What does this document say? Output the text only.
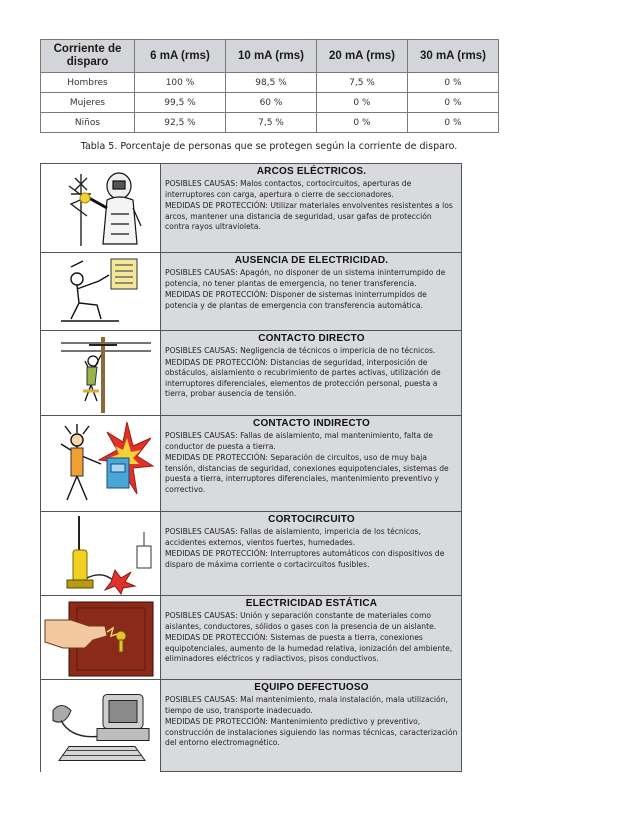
Corriente de disparo	6 mA (rms)	10 mA (rms)	20 mA (rms)	30 mA (rms)
Hombres	100 %	98,5 %	7,5 %	0 %
Mujeres	99,5 %	60 %	0 %	0 %
Niños	92,5 %	7,5 %	0 %	0 %
Tabla 5. Porcentaje de personas que se protegen según la corriente de disparo.
ARCOS ELÉCTRICOS.

POSIBLES CAUSAS: Malos contactos, cortocircuitos, aperturas de interruptores con carga, apertura o cierre de seccionadores.

MEDIDAS DE PROTECCIÓN: Utilizar materiales envolventes resistentes a los arcos, mantener una distancia de seguridad, usar gafas de protección contra rayos ultravioleta.

AUSENCIA DE ELECTRICIDAD.

POSIBLES CAUSAS: Apagón, no disponer de un sistema ininterrumpido de potencia, no tener plantas de emergencia, no tener transferencia.

MEDIDAS DE PROTECCIÓN: Disponer de sistemas ininterrumpidos de potencia y de plantas de emergencia con transferencia automática.

CONTACTO DIRECTO

POSIBLES CAUSAS: Negligencia de técnicos o impericia de no técnicos.

MEDIDAS DE PROTECCIÓN: Distancias de seguridad, interposición de obstáculos, aislamiento o recubrimiento de partes activas, utilización de interruptores diferenciales, elementos de protección personal, puesta a tierra, probar ausencia de tensión.

CONTACTO INDIRECTO

POSIBLES CAUSAS: Fallas de aislamiento, mal mantenimiento, falta de conductor de puesta a tierra.

MEDIDAS DE PROTECCIÓN: Separación de circuitos, uso de muy baja tensión, distancias de seguridad, conexiones equipotenciales, sistemas de puesta a tierra, interruptores diferenciales, mantenimiento preventivo y correctivo.

CORTOCIRCUITO

POSIBLES CAUSAS: Fallas de aislamiento, impericia de los técnicos, accidentes externos, vientos fuertes, humedades.

MEDIDAS DE PROTECCIÓN: Interruptores automáticos con dispositivos de disparo de máxima corriente o cortacircuitos fusibles.

ELECTRICIDAD ESTÁTICA

POSIBLES CAUSAS: Unión y separación constante de materiales como aislantes, conductores, sólidos o gases con la presencia de un aislante.

MEDIDAS DE PROTECCIÓN: Sistemas de puesta a tierra, conexiones equipotenciales, aumento de la humedad relativa, ionización del ambiente, eliminadores eléctricos y radiactivos, pisos conductivos.

EQUIPO DEFECTUOSO

POSIBLES CAUSAS: Mal mantenimiento, mala instalación, mala utilización, tiempo de uso, transporte inadecuado.

MEDIDAS DE PROTECCIÓN: Mantenimiento predictivo y preventivo, construcción de instalaciones siguiendo las normas técnicas, caracterización del entorno electromagnético.
